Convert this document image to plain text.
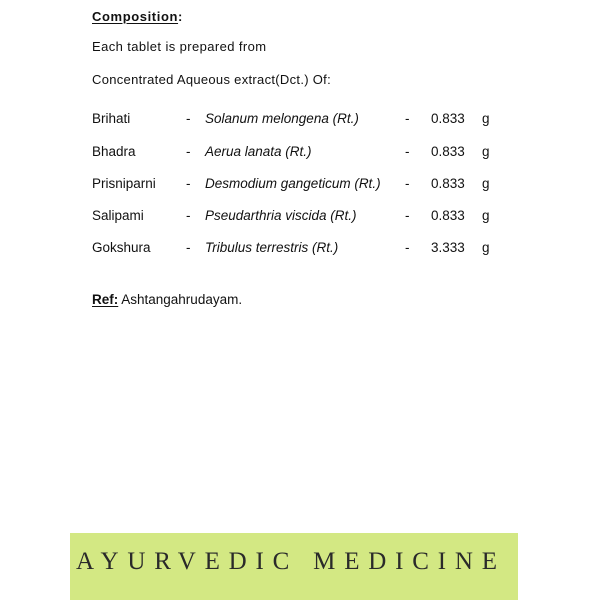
Composition:
Each tablet is prepared from
Concentrated Aqueous extract(Dct.) Of:
Brihati	- Solanum melongena (Rt.)	- 0.833 g
Bhadra	- Aerua lanata (Rt.)	- 0.833 g
Prisniparni - Desmodium gangeticum (Rt.) - 0.833 g
Salipami	- Pseudarthria viscida (Rt.)	- 0.833 g
Gokshura	- Tribulus terrestris (Rt.)	- 3.333 g
Ref: Ashtangahrudayam.
AYURVEDIC MEDICINE
